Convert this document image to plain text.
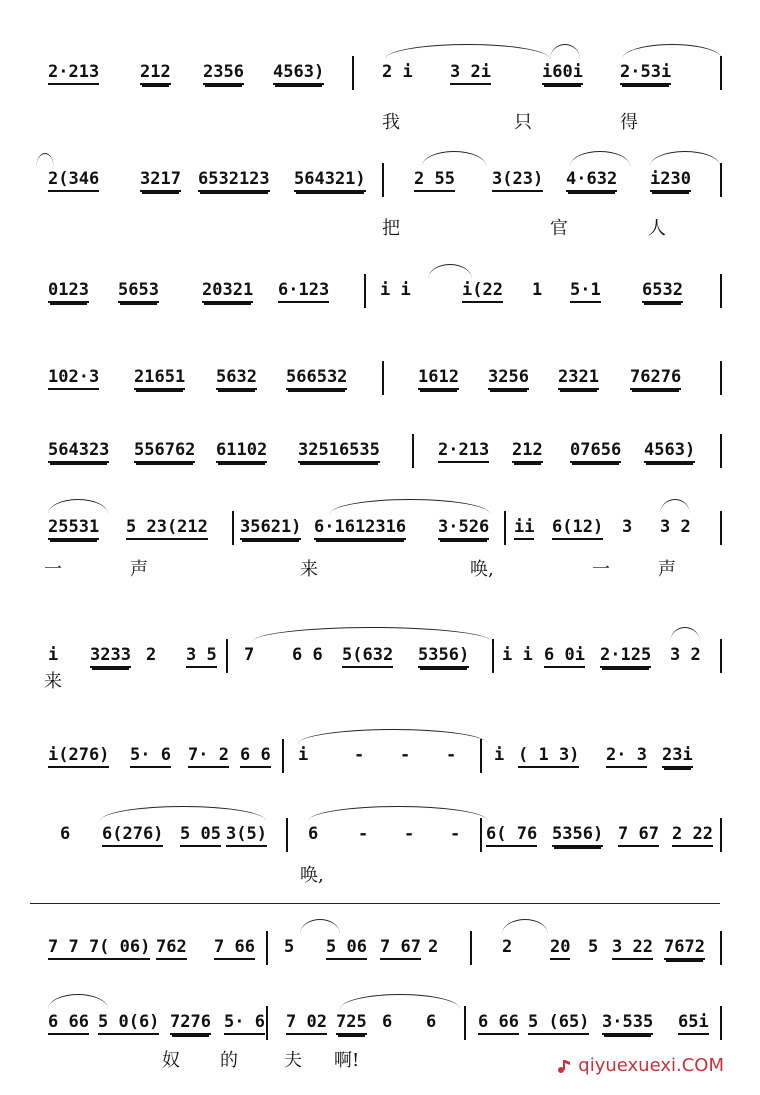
2·213 212 2356 4563)	2 i 3 2i	i60i 2·53i
我	只	得
2(346 3217 6532123 564321)	2 55 3(23) 4·632 i230
把	官	人
0123 5653	20321 6·123	i i	i(22 1 5·1 6532
102·3 21651 5632 566532	1612 3256 2321 76276
564323 556762 61102 32516535	2·213 212 07656 4563)
25531 5 23(212 35621) 6·1612316 3·526 ii 6(12) 3 3 2
一	声	来	唤,	一	声
i 3233 2 3 5 7 6 6 5(632 5356) i i 6 0i 2·125 3 2
来
i(276) 5· 6 7· 2 6 6 i	- - - i ( 1 3) 2· 3 23i
6 6(276) 5 05 3(5) 6 - - - 6( 76 5356) 7 67 2 22
唤,
7 7 7( 06) 762 7 66 5 5 06 7 67 2	2 20 5 3 22 7672
6 66 5 0(6) 7276 5· 6 7 02 725 6 6 6 66 5 (65) 3·535 65i
奴 的	夫 啊!	qiyuexuexi.COM
